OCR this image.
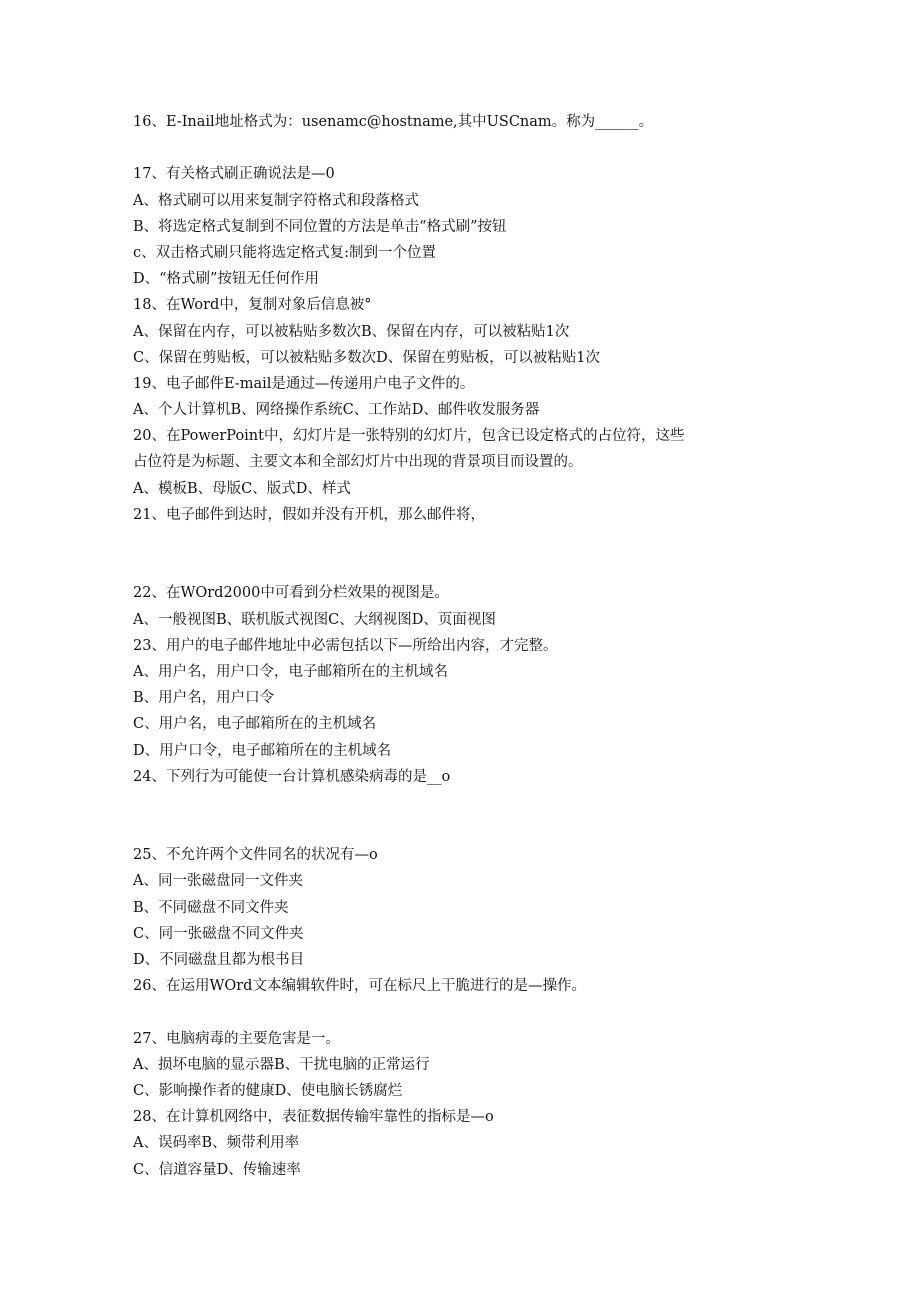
16、E-Inail地址格式为：usenamc@hostname,其中USCnam。称为______。

17、有关格式刷正确说法是—0
A、格式刷可以用来复制字符格式和段落格式
B、将选定格式复制到不同位置的方法是单击“格式刷”按钮
c、双击格式刷只能将选定格式复:制到一个位置
D、“格式刷”按钮无任何作用
18、在Word中，复制对象后信息被°
A、保留在内存，可以被粘贴多数次B、保留在内存，可以被粘贴1次
C、保留在剪贴板，可以被粘贴多数次D、保留在剪贴板，可以被粘贴1次
19、电子邮件E-mail是通过—传递用户电子文件的。
A、个人计算机B、网络操作系统C、工作站D、邮件收发服务器
20、在PowerPoint中，幻灯片是一张特别的幻灯片，包含已设定格式的占位符，这些
占位符是为标题、主要文本和全部幻灯片中出现的背景项目而设置的。
A、模板B、母版C、版式D、样式
21、电子邮件到达时，假如并没有开机，那么邮件将，

22、在WOrd2000中可看到分栏效果的视图是。
A、一般视图B、联机版式视图C、大纲视图D、页面视图
23、用户的电子邮件地址中必需包括以下—所给出内容，才完整。
A、用户名，用户口令，电子邮箱所在的主机域名
B、用户名，用户口令
C、用户名，电子邮箱所在的主机域名
D、用户口令，电子邮箱所在的主机域名
24、下列行为可能使一台计算机感染病毒的是__o

25、不允许两个文件同名的状况有—o
A、同一张磁盘同一文件夹
B、不同磁盘不同文件夹
C、同一张磁盘不同文件夹
D、不同磁盘且都为根书目
26、在运用WOrd文本编辑软件时，可在标尺上干脆进行的是—操作。

27、电脑病毒的主要危害是一。
A、损坏电脑的显示器B、干扰电脑的正常运行
C、影响操作者的健康D、使电脑长锈腐烂
28、在计算机网络中，表征数据传输牢靠性的指标是—o
A、误码率B、频带利用率
C、信道容量D、传输速率
